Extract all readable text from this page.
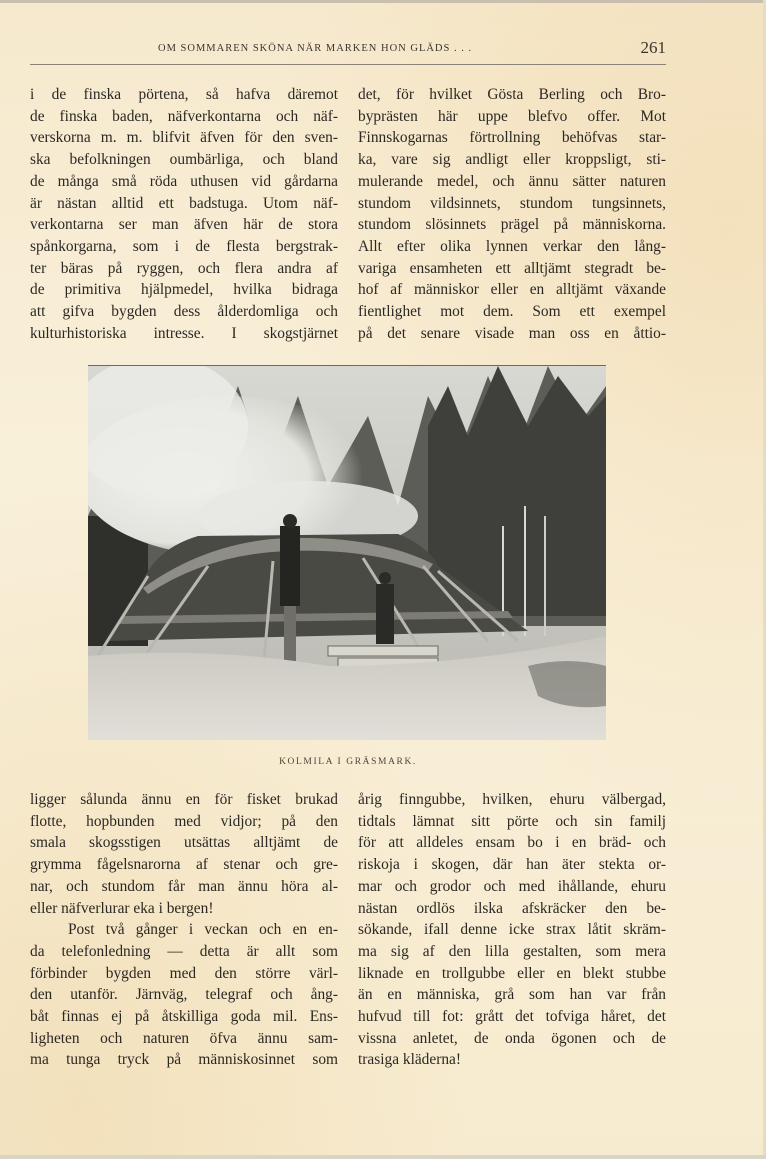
OM SOMMAREN SKÖNA NÄR MARKEN HON GLÄDS . . .	261
i de finska pörtena, så hafva däremot
de finska baden, näfverkontarna och näf-
verskorna m. m. blifvit äfven för den sven-
ska befolkningen oumbärliga, och bland
de många små röda uthusen vid gårdarna
är nästan alltid ett badstuga. Utom näf-
verkontarna ser man äfven här de stora
spånkorgarna, som i de flesta bergstrak-
ter bäras på ryggen, och flera andra af
de primitiva hjälpmedel, hvilka bidraga
att gifva bygden dess ålderdomliga och
kulturhistoriska intresse. I skogstjärnet
det, för hvilket Gösta Berling och Bro-
byprästen här uppe blefvo offer. Mot
Finnskogarnas förtrollning behöfvas star-
ka, vare sig andligt eller kroppsligt, sti-
mulerande medel, och ännu sätter naturen
stundom vildsinnets, stundom tungsinnets,
stundom slösinnets prägel på människorna.
Allt efter olika lynnen verkar den lång-
variga ensamheten ett alltjämt stegradt be-
hof af människor eller en alltjämt växande
fientlighet mot dem. Som ett exempel
på det senare visade man oss en åttio-
KOLMILA I GRÄSMARK.
ligger sålunda ännu en för fisket brukad
flotte, hopbunden med vidjor; på den
smala skogsstigen utsättas alltjämt de
grymma fågelsnarorna af stenar och gre-
nar, och stundom får man ännu höra al-
eller näfverlurar eka i bergen!
Post två gånger i veckan och en en-
da telefonledning — detta är allt som
förbinder bygden med den större värl-
den utanför. Järnväg, telegraf och ång-
båt finnas ej på åtskilliga goda mil. Ens-
ligheten och naturen öfva ännu sam-
ma tunga tryck på människosinnet som
årig finngubbe, hvilken, ehuru välbergad,
tidtals lämnat sitt pörte och sin familj
för att alldeles ensam bo i en bräd- och
riskoja i skogen, där han äter stekta or-
mar och grodor och med ihållande, ehuru
nästan ordlös ilska afskräcker den be-
sökande, ifall denne icke strax låtit skräm-
ma sig af den lilla gestalten, som mera
liknade en trollgubbe eller en blekt stubbe
än en människa, grå som han var från
hufvud till fot: grått det tofviga håret, det
vissna anletet, de onda ögonen och de
trasiga kläderna!
